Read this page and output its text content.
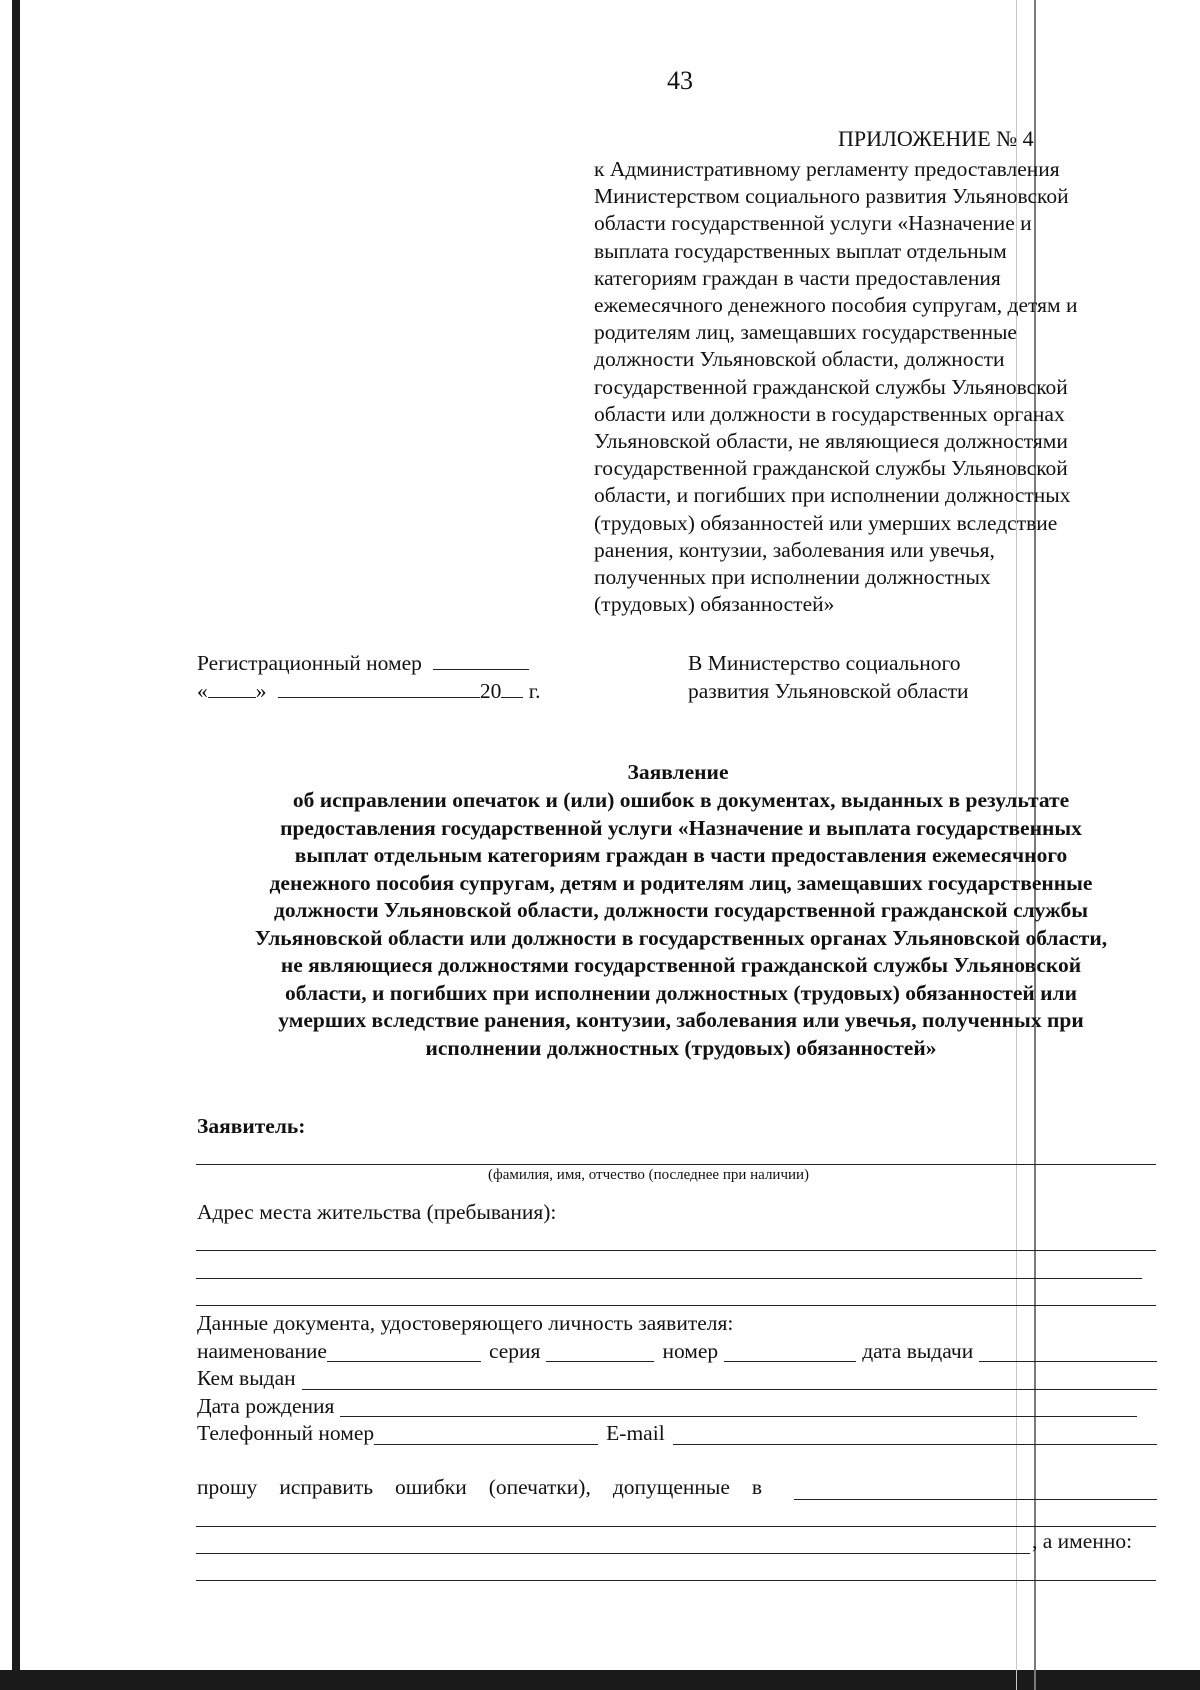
43
ПРИЛОЖЕНИЕ № 4
к Административному регламенту предоставления
Министерством социального развития Ульяновской
области государственной услуги «Назначение и
выплата государственных выплат отдельным
категориям граждан в части предоставления
ежемесячного денежного пособия супругам, детям и
родителям лиц, замещавших государственные
должности Ульяновской области, должности
государственной гражданской службы Ульяновской
области или должности в государственных органах
Ульяновской области, не являющиеся должностями
государственной гражданской службы Ульяновской
области, и погибших при исполнении должностных
(трудовых) обязанностей или умерших вследствие
ранения, контузии, заболевания или увечья,
полученных при исполнении должностных
(трудовых) обязанностей»
Регистрационный номер
« »	20 г.
В Министерство социального
развития Ульяновской области
Заявление
об исправлении опечаток и (или) ошибок в документах, выданных в результате
предоставления государственной услуги «Назначение и выплата государственных
выплат отдельным категориям граждан в части предоставления ежемесячного
денежного пособия супругам, детям и родителям лиц, замещавших государственные
должности Ульяновской области, должности государственной гражданской службы
Ульяновской области или должности в государственных органах Ульяновской области,
не являющиеся должностями государственной гражданской службы Ульяновской
области, и погибших при исполнении должностных (трудовых) обязанностей или
умерших вследствие ранения, контузии, заболевания или увечья, полученных при
исполнении должностных (трудовых) обязанностей»
Заявитель:
(фамилия, имя, отчество (последнее при наличии)
Адрес места жительства (пребывания):
Данные документа, удостоверяющего личность заявителя:
наименование	серия	номер	дата выдачи
Кем выдан
Дата рождения
Телефонный номер	E-mail
прошу исправить ошибки (опечатки), допущенные в
, а именно:
